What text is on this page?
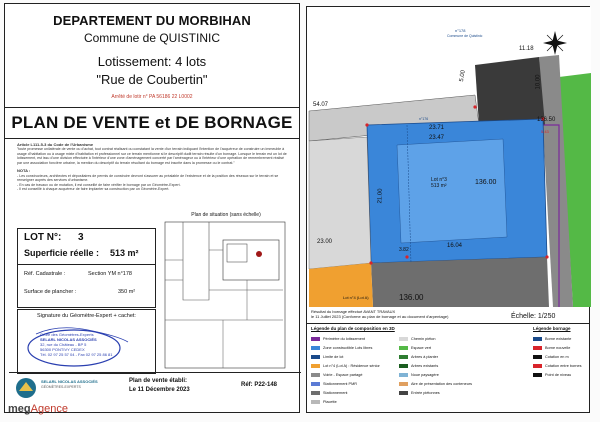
DEPARTEMENT DU MORBIHAN
Commune de QUISTINIC
Lotissement: 4 lots
"Rue de Coubertin"
Arrêté de lotir n° PA 56186 22 L0002
PLAN DE VENTE et DE BORNAGE
Article L111-5-3 du Code de l'Urbanisme
"toute promesse unilatérale de vente ou d'achat, tout contrat réalisant ou constatant la vente d'un terrain indiquant l'intention de l'acquéreur de construire un immeuble à usage d'habitation ou à usage mixte d'habitation et professionnel sur ce terrain mentionne si le descriptif dudit terrain résulte d'un bornage. Lorsque le terrain est un lot de lotissement, est issu d'une division effectuée à l'intérieur d'une zone d'aménagement concerté par l'aménageur ou à l'intérieur d'une opération de remembrement réalisé par une association foncière urbaine, la mention du descriptif du terrain résultant du bornage est inscrite dans la promesse ou le contrat."

NOTA :
- Les constructeurs, architectes et dépositaires de permis de construire devront s'assurer au préalable de l'existence et de la position des réseaux sur le terrain et se renseigner auprès des services d'urbanisme.
- En cas de travaux ou de mutation, il est conseillé de faire vérifier le bornage par un Géomètre-Expert.
- Il est conseillé à chaque acquéreur de faire implanter sa construction par un Géomètre-Expert.
LOT N°: 3
Superficie réelle : 513 m²
Réf. Cadastrale :	Section YM n°178
Surface de plancher :	350 m²
Signature du Géomètre-Expert + cachet:
Ordre des Géomètres-Experts
SELARL NICOLAS ASSOCIÉS
32, rue du Château - BP 5
56300 PONTIVY CEDEX
Tél. 02 97 25 57 04 - Fax 02 97 25 86 81
Plan de situation (sans échelle)
SELARL NICOLAS ASSOCIÉS
GÉOMÈTRES-EXPERTS
Plan de vente établi:
Le 11 Décembre 2023
Réf: P22-148
n°178
Commune de Quistinic
11.18
5.00	10.00
54.07
136.50
23.71
23.47
21.00
Lot n°3
513 m²	136.00
3.82
16.04
23.00
Lot n°4 (Lot A)	136.00
5.43
n°176
Résultat du bornage effectué AVANT TRAVAUX
le 11 Juillet 2023 (Conforme au plan de bornage et au document d'arpentage)	Échelle: 1/250
Légende du plan de composition en 3D	Légende bornage
Périmètre du lotissement
Zone constructible Lots libres
Limite de lot
Lot n°4 (Lot A) : Résidence sénior
Voirie - Espace partagé
Stationnement PMR
Stationnement
Placette
Chemin piéton
Espace vert
Arbres à planter
Arbres existants
Noue paysagère
Aire de présentation des conteneurs
Entrée piétonnes
Borne existante
Borne nouvelle
Cotation en m
Cotation entre bornes
Point de niveau
megAgence
